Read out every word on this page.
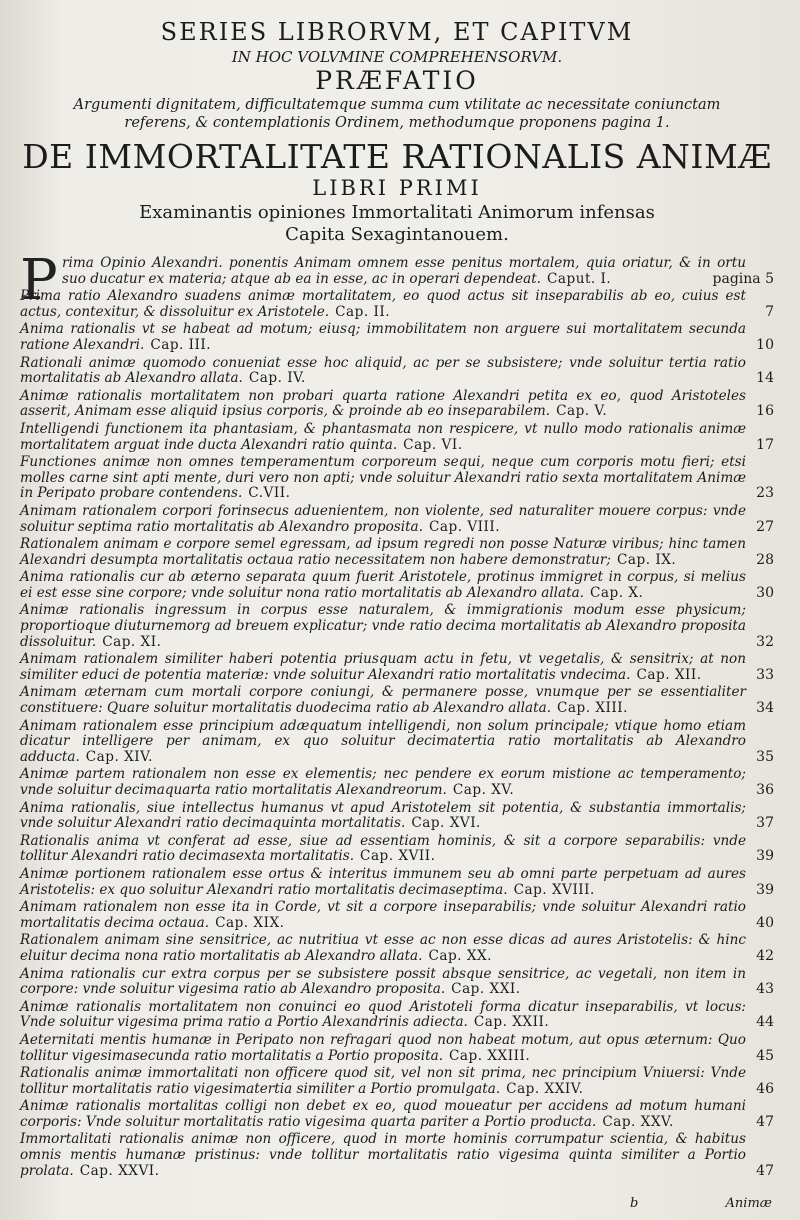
SERIES LIBRORVM, ET CAPITVM
IN HOC VOLVMINE COMPREHENSORVM.
PRÆFATIO
Argumenti dignitatem, difficultatemque summa cum vtilitate ac necessitate coniunctam referens, & contemplationis Ordinem, methodumque proponens pagina 1.
DE IMMORTALITATE RATIONALIS ANIMÆ
LIBRI PRIMI
Examinantis opiniones Immortalitati Animorum infensas
Capita Sexagintanouem.
P rima Opinio Alexandri. ponentis Animam omnem esse penitus mortalem, quia oriatur, & in ortu suo ducatur ex materia; atque ab ea in esse, ac in operari dependeat. Caput. I.	pagina 5
Prima ratio Alexandro suadens animæ mortalitatem, eo quod actus sit inseparabilis ab eo, cuius est actus, contexitur, & dissoluitur ex Aristotele. Cap. II.	7
Anima rationalis vt se habeat ad motum; eiusq; immobilitatem non arguere sui mortalitatem secunda ratione Alexandri. Cap. III.	10
Rationali animæ quomodo conueniat esse hoc aliquid, ac per se subsistere; vnde soluitur tertia ratio mortalitatis ab Alexandro allata. Cap. IV.	14
Animæ rationalis mortalitatem non probari quarta ratione Alexandri petita ex eo, quod Aristoteles asserit, Animam esse aliquid ipsius corporis, & proinde ab eo inseparabilem. Cap. V.	16
Intelligendi functionem ita phantasiam, & phantasmata non respicere, vt nullo modo rationalis animæ mortalitatem arguat inde ducta Alexandri ratio quinta. Cap. VI.	17
Functiones animæ non omnes temperamentum corporeum sequi, neque cum corporis motu fieri; etsi molles carne sint apti mente, duri vero non apti; vnde soluitur Alexandri ratio sexta mortalitatem Animæ in Peripato probare contendens. C.VII.	23
Animam rationalem corpori forinsecus aduenientem, non violente, sed naturaliter mouere corpus: vnde soluitur septima ratio mortalitatis ab Alexandro proposita. Cap. VIII.	27
Rationalem animam e corpore semel egressam, ad ipsum regredi non posse Naturæ viribus; hinc tamen Alexandri desumpta mortalitatis octaua ratio necessitatem non habere demonstratur; Cap. IX.	28
Anima rationalis cur ab æterno separata quum fuerit Aristotele, protinus immigret in corpus, si melius ei est esse sine corpore; vnde soluitur nona ratio mortalitatis ab Alexandro allata. Cap. X.	30
Animæ rationalis ingressum in corpus esse naturalem, & immigrationis modum esse physicum; proportioque diuturnemorg ad breuem explicatur; vnde ratio decima mortalitatis ab Alexandro proposita dissoluitur. Cap. XI.	32
Animam rationalem similiter haberi potentia priusquam actu in fetu, vt vegetalis, & sensitrix; at non similiter educi de potentia materiæ: vnde soluitur Alexandri ratio mortalitatis vndecima. Cap. XII.	33
Animam æternam cum mortali corpore coniungi, & permanere posse, vnumque per se essentialiter constituere: Quare soluitur mortalitatis duodecima ratio ab Alexandro allata. Cap. XIII.	34
Animam rationalem esse principium adæquatum intelligendi, non solum principale; vtique homo etiam dicatur intelligere per animam, ex quo soluitur decimatertia ratio mortalitatis ab Alexandro adducta. Cap. XIV.	35
Animæ partem rationalem non esse ex elementis; nec pendere ex eorum mistione ac temperamento; vnde soluitur decimaquarta ratio mortalitatis Alexandreorum. Cap. XV.	36
Anima rationalis, siue intellectus humanus vt apud Aristotelem sit potentia, & substantia immortalis; vnde soluitur Alexandri ratio decimaquinta mortalitatis. Cap. XVI.	37
Rationalis anima vt conferat ad esse, siue ad essentiam hominis, & sit a corpore separabilis: vnde tollitur Alexandri ratio decimasexta mortalitatis. Cap. XVII.	39
Animæ portionem rationalem esse ortus & interitus immunem seu ab omni parte perpetuam ad aures Aristotelis: ex quo soluitur Alexandri ratio mortalitatis decimaseptima. Cap. XVIII.	39
Animam rationalem non esse ita in Corde, vt sit a corpore inseparabilis; vnde soluitur Alexandri ratio mortalitatis decima octaua. Cap. XIX.	40
Rationalem animam sine sensitrice, ac nutritiua vt esse ac non esse dicas ad aures Aristotelis: & hinc eluitur decima nona ratio mortalitatis ab Alexandro allata. Cap. XX.	42
Anima rationalis cur extra corpus per se subsistere possit absque sensitrice, ac vegetali, non item in corpore: vnde soluitur vigesima ratio ab Alexandro proposita. Cap. XXI.	43
Animæ rationalis mortalitatem non conuinci eo quod Aristoteli forma dicatur inseparabilis, vt locus: Vnde soluitur vigesima prima ratio a Portio Alexandrinis adiecta. Cap. XXII.	44
Aeternitati mentis humanæ in Peripato non refragari quod non habeat motum, aut opus æternum: Quo tollitur vigesimasecunda ratio mortalitatis a Portio proposita. Cap. XXIII.	45
Rationalis animæ immortalitati non officere quod sit, vel non sit prima, nec principium Vniuersi: Vnde tollitur mortalitatis ratio vigesimatertia similiter a Portio promulgata. Cap. XXIV.	46
Animæ rationalis mortalitas colligi non debet ex eo, quod moueatur per accidens ad motum humani corporis: Vnde soluitur mortalitatis ratio vigesima quarta pariter a Portio producta. Cap. XXV.	47
Immortalitati rationalis animæ non officere, quod in morte hominis corrumpatur scientia, & habitus omnis mentis humanæ pristinus: vnde tollitur mortalitatis ratio vigesima quinta similiter a Portio prolata. Cap. XXVI.	47
b	Animæ
